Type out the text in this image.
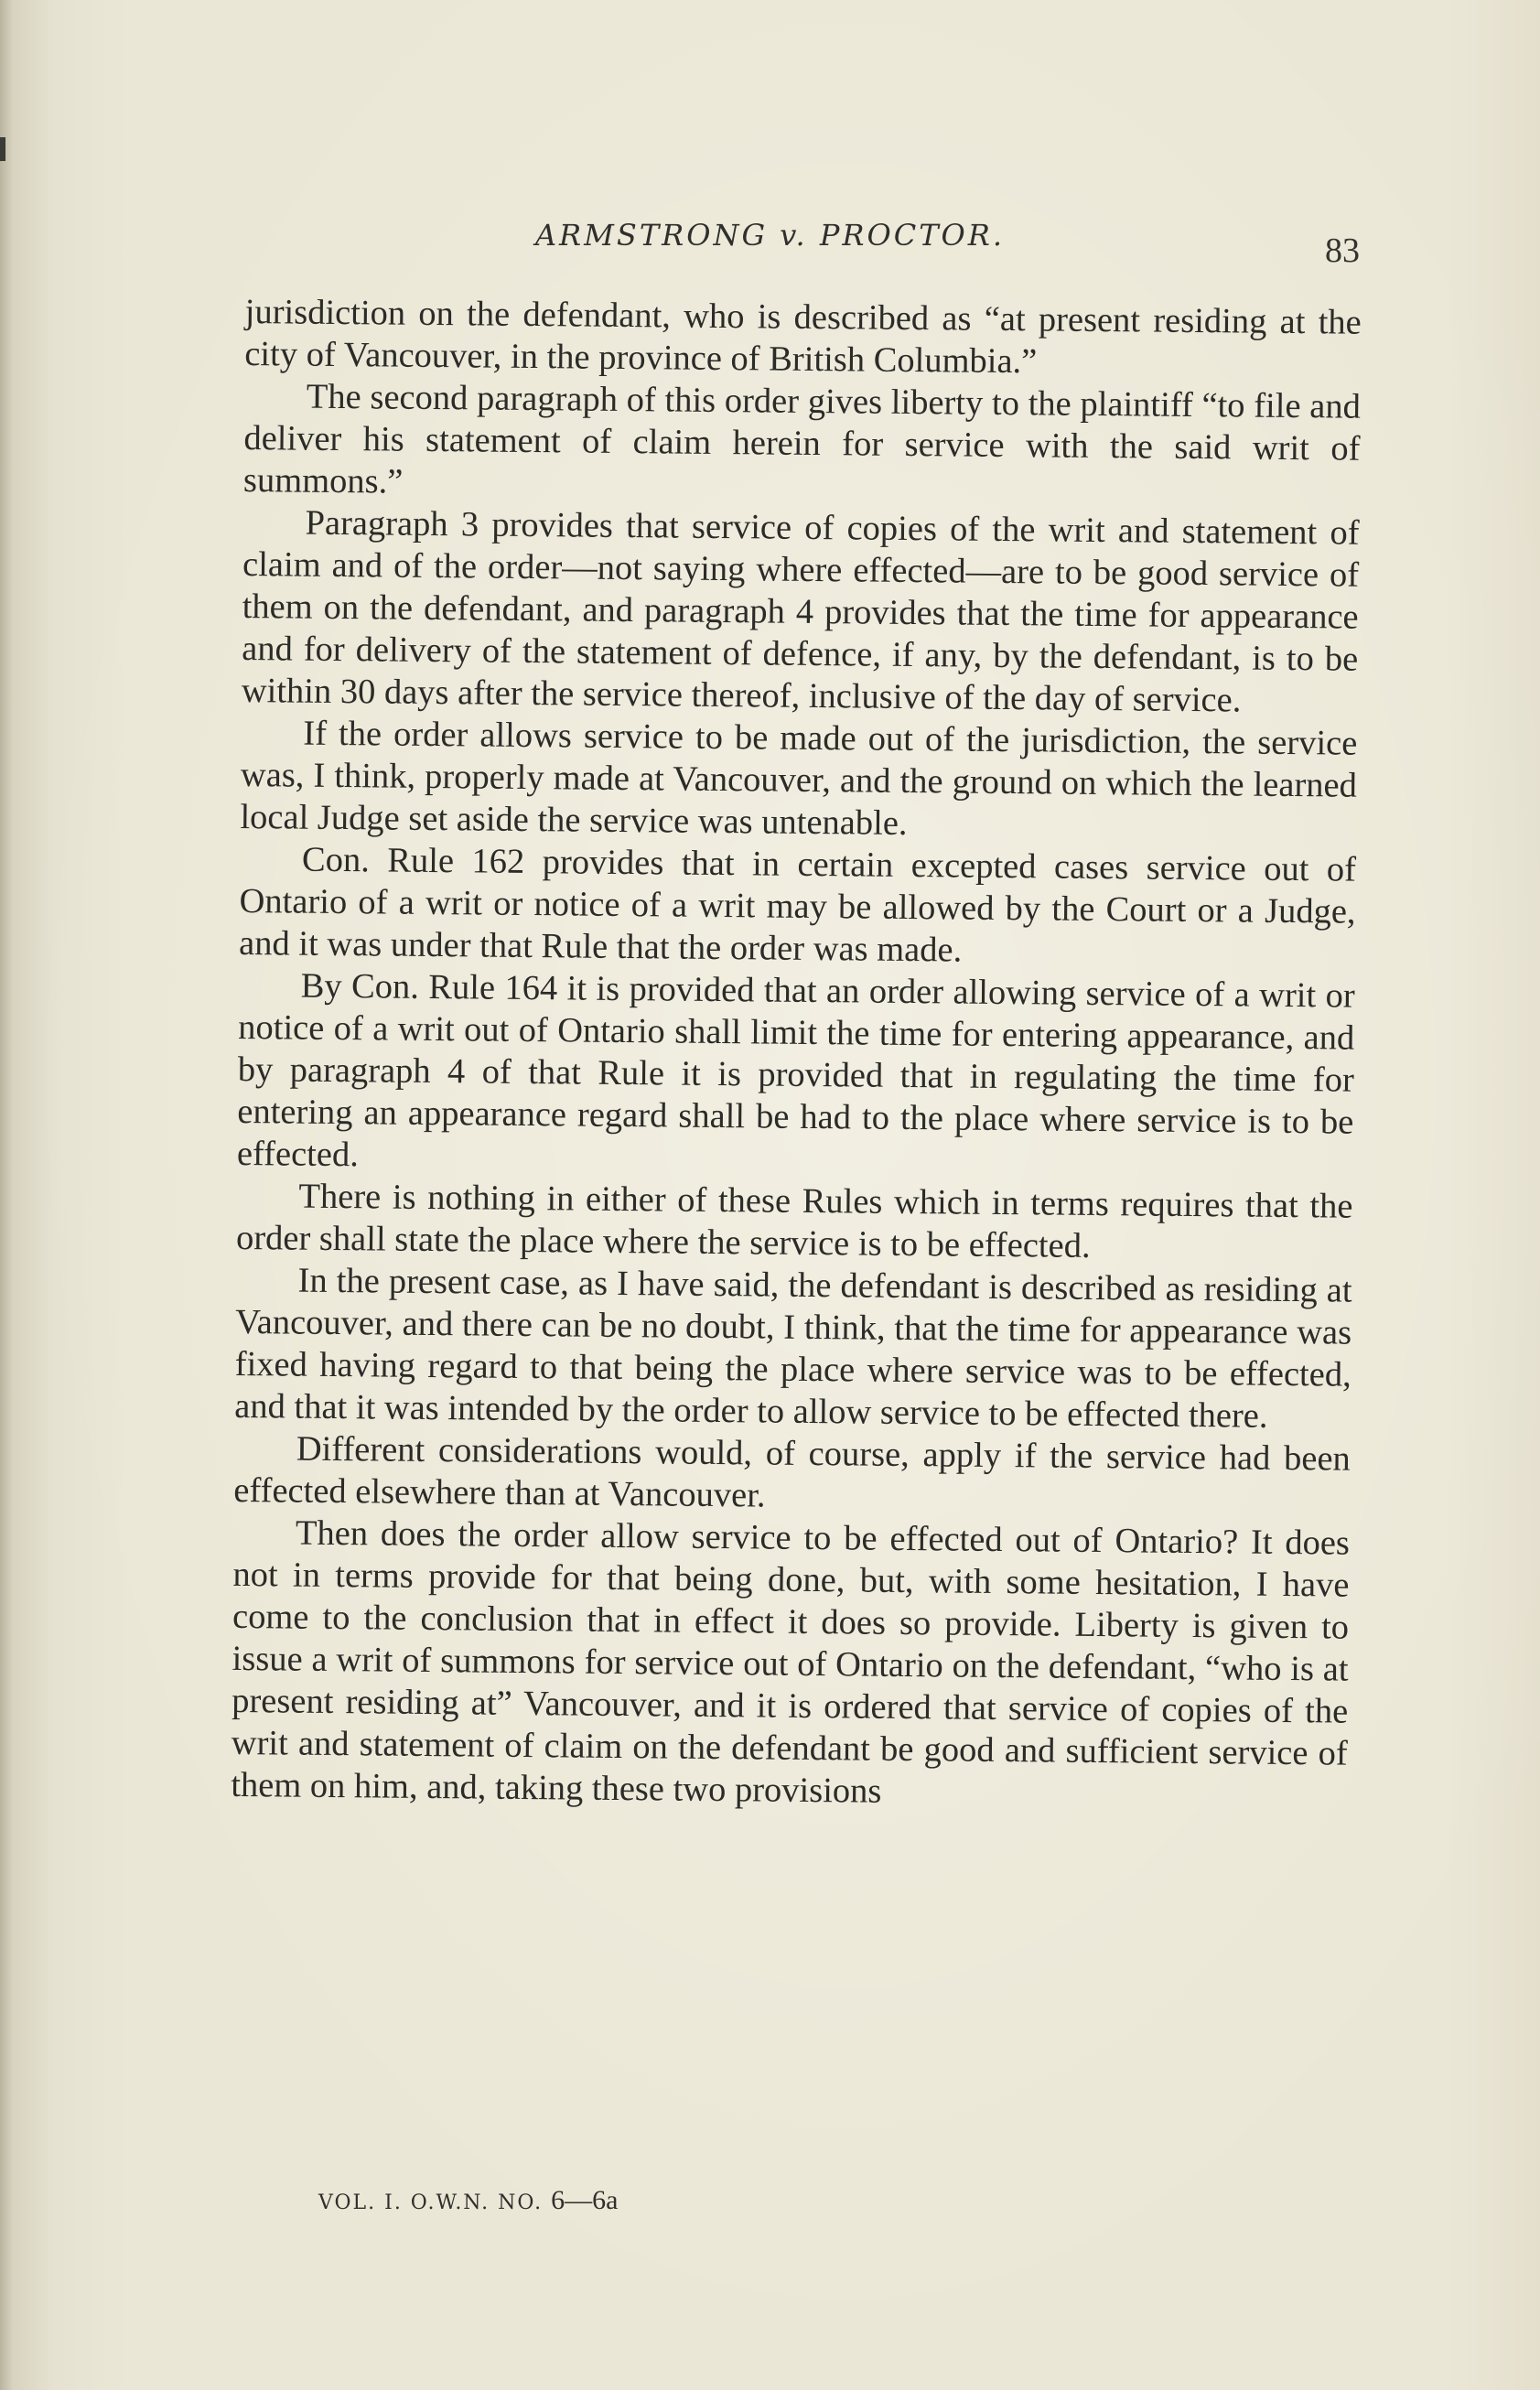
ARMSTRONG v. PROCTOR.	83

jurisdiction on the defendant, who is described as “at present residing at the city of Vancouver, in the province of British Columbia.”

The second paragraph of this order gives liberty to the plaintiff “to file and deliver his statement of claim herein for service with the said writ of summons.”

Paragraph 3 provides that service of copies of the writ and statement of claim and of the order—not saying where effected—are to be good service of them on the defendant, and paragraph 4 provides that the time for appearance and for delivery of the statement of defence, if any, by the defendant, is to be within 30 days after the service thereof, inclusive of the day of service.

If the order allows service to be made out of the jurisdiction, the service was, I think, properly made at Vancouver, and the ground on which the learned local Judge set aside the service was untenable.

Con. Rule 162 provides that in certain excepted cases service out of Ontario of a writ or notice of a writ may be allowed by the Court or a Judge, and it was under that Rule that the order was made.

By Con. Rule 164 it is provided that an order allowing service of a writ or notice of a writ out of Ontario shall limit the time for entering appearance, and by paragraph 4 of that Rule it is provided that in regulating the time for entering an appearance regard shall be had to the place where service is to be effected.

There is nothing in either of these Rules which in terms requires that the order shall state the place where the service is to be effected.

In the present case, as I have said, the defendant is described as residing at Vancouver, and there can be no doubt, I think, that the time for appearance was fixed having regard to that being the place where service was to be effected, and that it was intended by the order to allow service to be effected there.

Different considerations would, of course, apply if the service had been effected elsewhere than at Vancouver.

Then does the order allow service to be effected out of Ontario? It does not in terms provide for that being done, but, with some hesitation, I have come to the conclusion that in effect it does so provide. Liberty is given to issue a writ of summons for service out of Ontario on the defendant, “who is at present residing at” Vancouver, and it is ordered that service of copies of the writ and statement of claim on the defendant be good and sufficient service of them on him, and, taking these two provisions

VOL. I. O.W.N. NO. 6—6a
